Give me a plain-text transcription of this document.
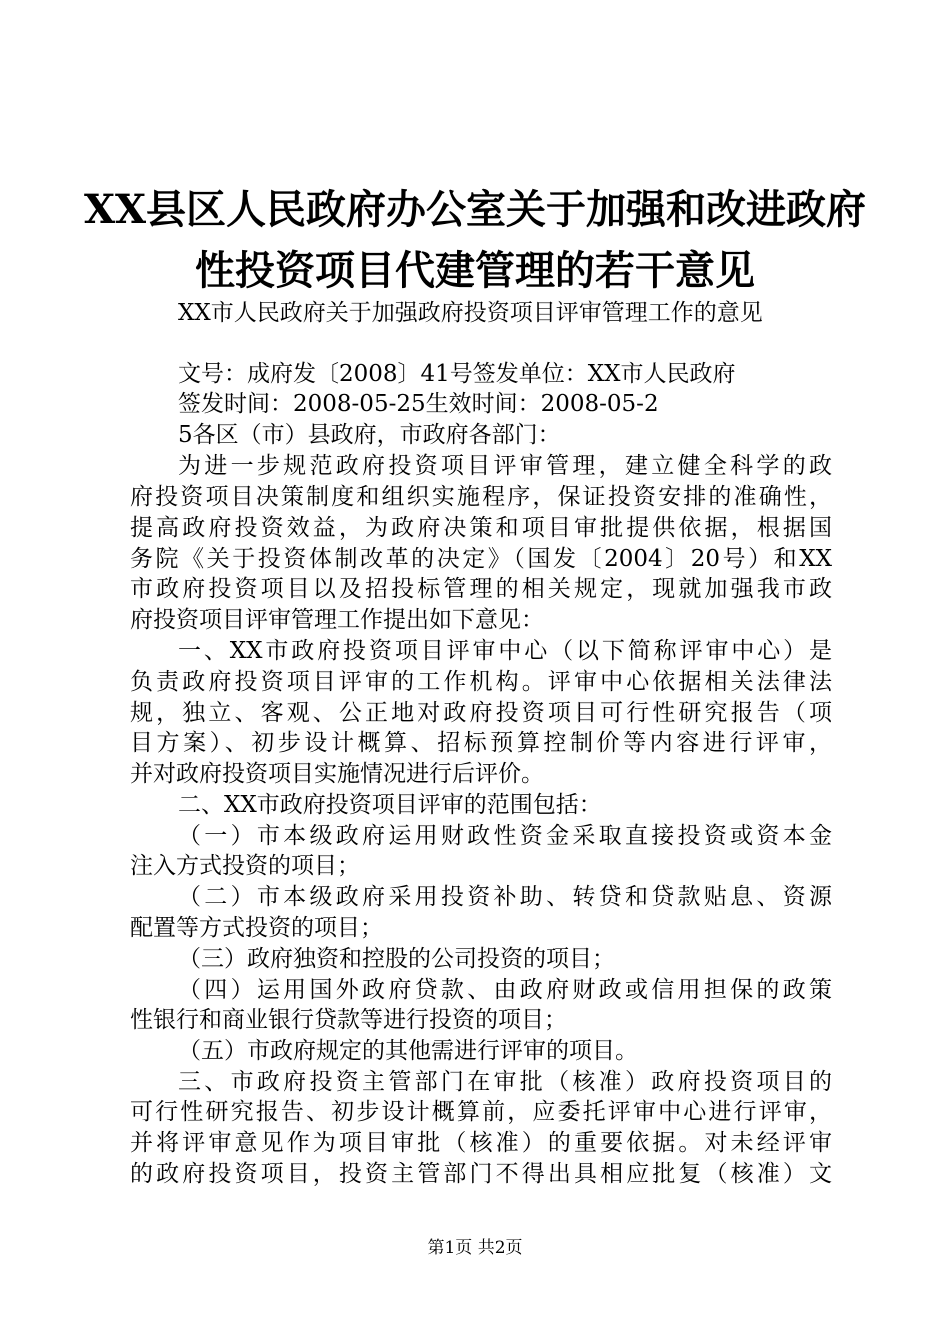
XX县区人民政府办公室关于加强和改进政府
性投资项目代建管理的若干意见
XX市人民政府关于加强政府投资项目评审管理工作的意见
文号：成府发〔2008〕41号签发单位：XX市人民政府
签发时间：2008-05-25生效时间：2008-05-2
5各区（市）县政府，市政府各部门：
为进一步规范政府投资项目评审管理，建立健全科学的政
府投资项目决策制度和组织实施程序，保证投资安排的准确性，
提高政府投资效益，为政府决策和项目审批提供依据，根据国
务院《关于投资体制改革的决定》（国发〔2004〕20号）和XX
市政府投资项目以及招投标管理的相关规定，现就加强我市政
府投资项目评审管理工作提出如下意见：
一、XX市政府投资项目评审中心（以下简称评审中心）是
负责政府投资项目评审的工作机构。评审中心依据相关法律法
规，独立、客观、公正地对政府投资项目可行性研究报告（项
目方案）、初步设计概算、招标预算控制价等内容进行评审，
并对政府投资项目实施情况进行后评价。
二、XX市政府投资项目评审的范围包括：
（一）市本级政府运用财政性资金采取直接投资或资本金
注入方式投资的项目；
（二）市本级政府采用投资补助、转贷和贷款贴息、资源
配置等方式投资的项目；
（三）政府独资和控股的公司投资的项目；
（四）运用国外政府贷款、由政府财政或信用担保的政策
性银行和商业银行贷款等进行投资的项目；
（五）市政府规定的其他需进行评审的项目。
三、市政府投资主管部门在审批（核准）政府投资项目的
可行性研究报告、初步设计概算前，应委托评审中心进行评审，
并将评审意见作为项目审批（核准）的重要依据。对未经评审
的政府投资项目，投资主管部门不得出具相应批复（核准）文
第1页 共2页
